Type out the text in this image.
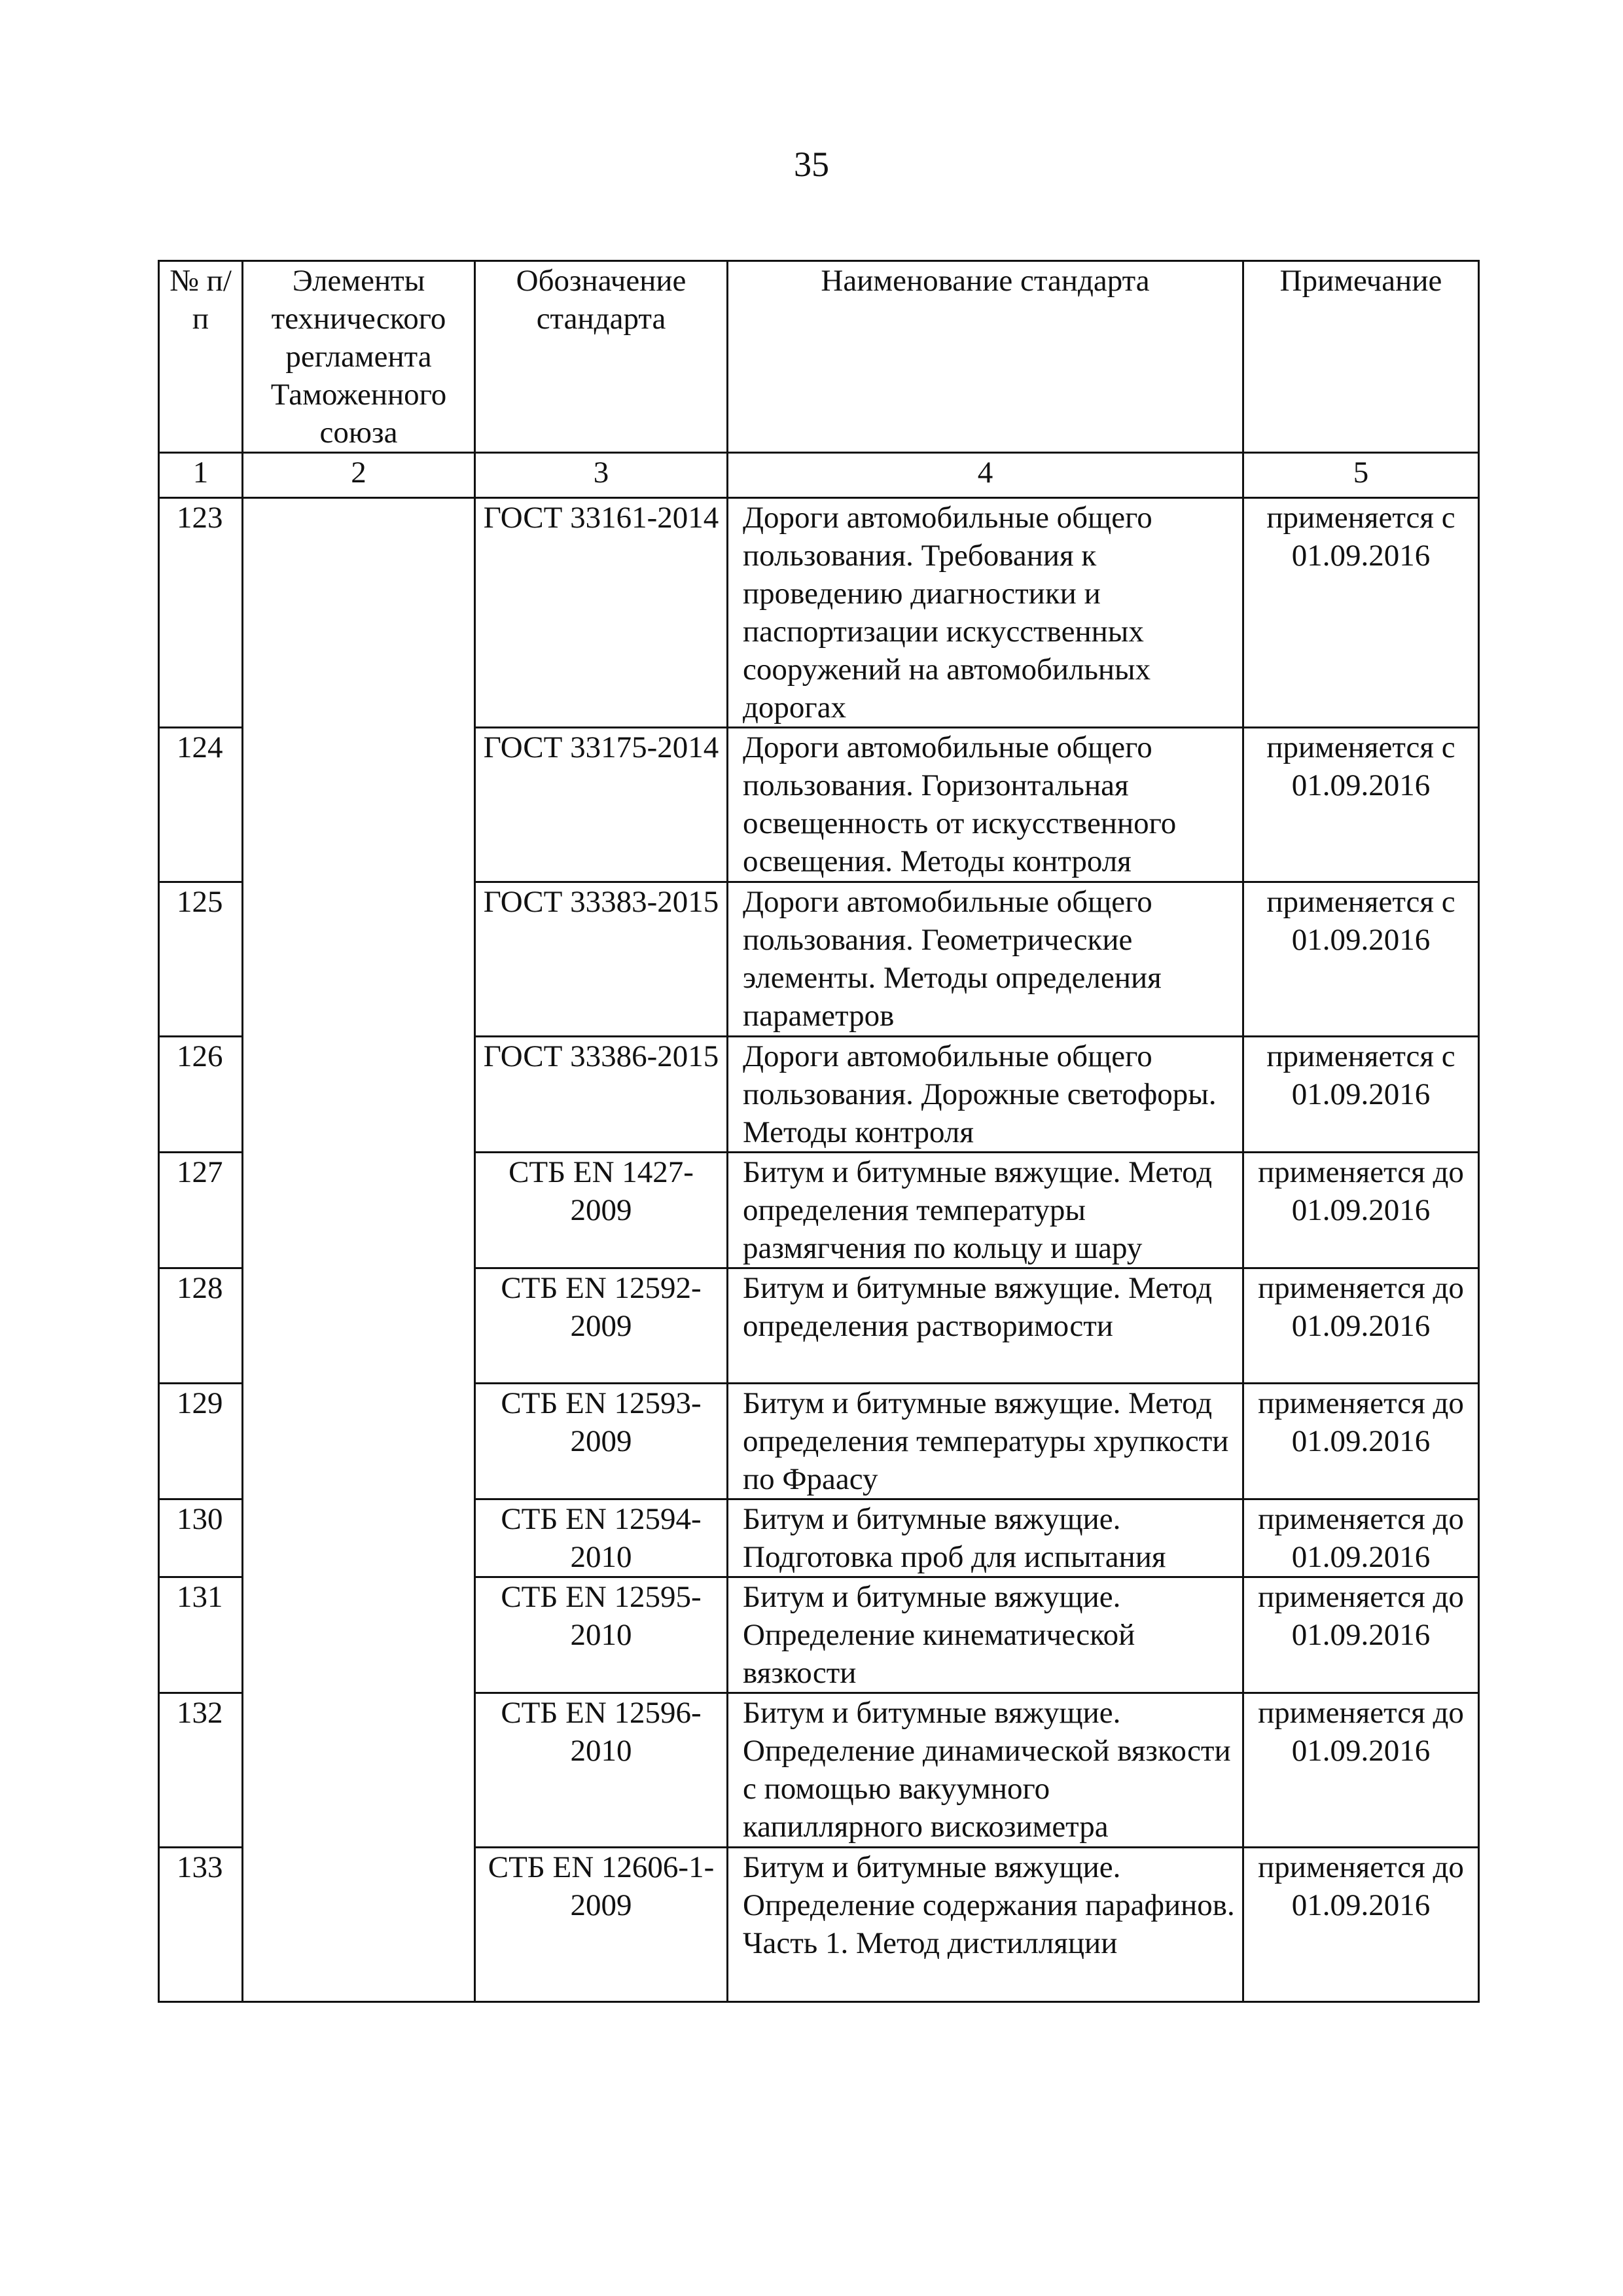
35
№ п/п	Элементы технического регламента Таможенного союза	Обозначение стандарта	Наименование стандарта	Примечание
1	2	3	4	5
123		ГОСТ 33161-2014	Дороги автомобильные общего пользования. Требования к проведению диагностики и паспортизации искусственных сооружений на автомобильных дорогах	применяется с 01.09.2016
124		ГОСТ 33175-2014	Дороги автомобильные общего пользования. Горизонтальная освещенность от искусственного освещения. Методы контроля	применяется с 01.09.2016
125		ГОСТ 33383-2015	Дороги автомобильные общего пользования. Геометрические элементы. Методы определения параметров	применяется с 01.09.2016
126		ГОСТ 33386-2015	Дороги автомобильные общего пользования. Дорожные светофоры. Методы контроля	применяется с 01.09.2016
127		СТБ EN 1427-2009	Битум и битумные вяжущие. Метод определения температуры размягчения по кольцу и шару	применяется до 01.09.2016
128		СТБ EN 12592-2009	Битум и битумные вяжущие. Метод определения растворимости	применяется до 01.09.2016
129		СТБ EN 12593-2009	Битум и битумные вяжущие. Метод определения температуры хрупкости по Фраасу	применяется до 01.09.2016
130		СТБ EN 12594-2010	Битум и битумные вяжущие. Подготовка проб для испытания	применяется до 01.09.2016
131		СТБ EN 12595-2010	Битум и битумные вяжущие. Определение кинематической вязкости	применяется до 01.09.2016
132		СТБ EN 12596-2010	Битум и битумные вяжущие. Определение динамической вязкости с помощью вакуумного капиллярного вискозиметра	применяется до 01.09.2016
133		СТБ EN 12606-1-2009	Битум и битумные вяжущие. Определение содержания парафинов. Часть 1. Метод дистилляции	применяется до 01.09.2016
